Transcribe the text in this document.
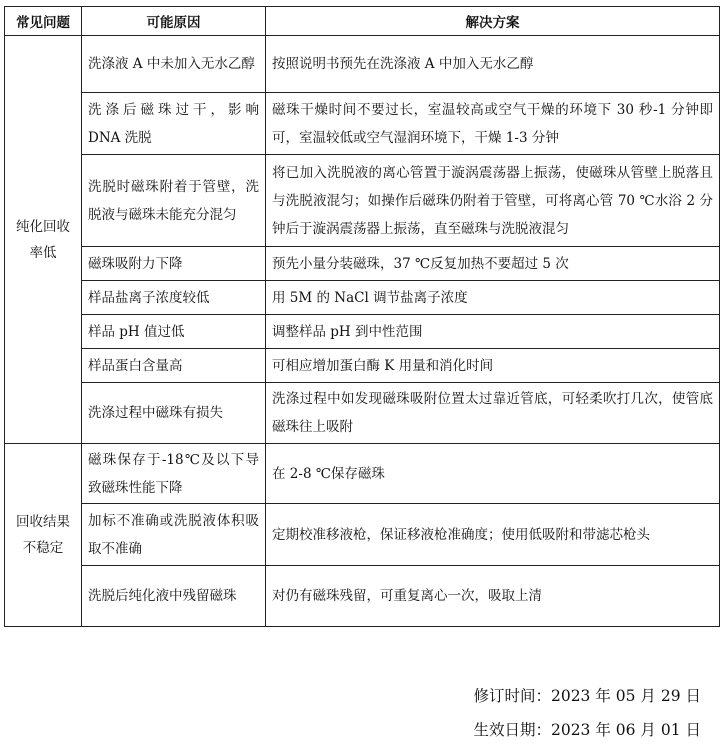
常见问题	可能原因	解决方案
纯化回收率低	洗涤液 A 中未加入无水乙醇	按照说明书预先在洗涤液 A 中加入无水乙醇
	洗涤后磁珠过干，影响 DNA 洗脱	磁珠干燥时间不要过长，室温较高或空气干燥的环境下 30 秒-1 分钟即可，室温较低或空气湿润环境下，干燥 1-3 分钟
	洗脱时磁珠附着于管壁，洗脱液与磁珠未能充分混匀	将已加入洗脱液的离心管置于漩涡震荡器上振荡，使磁珠从管壁上脱落且与洗脱液混匀；如操作后磁珠仍附着于管壁，可将离心管 70 ℃水浴 2 分钟后于漩涡震荡器上振荡，直至磁珠与洗脱液混匀
	磁珠吸附力下降	预先小量分装磁珠，37 ℃反复加热不要超过 5 次
	样品盐离子浓度较低	用 5M 的 NaCl 调节盐离子浓度
	样品 pH 值过低	调整样品 pH 到中性范围
	样品蛋白含量高	可相应增加蛋白酶 K 用量和消化时间
	洗涤过程中磁珠有损失	洗涤过程中如发现磁珠吸附位置太过靠近管底，可轻柔吹打几次，使管底磁珠往上吸附
回收结果不稳定	磁珠保存于-18℃及以下导致磁珠性能下降	在 2-8 ℃保存磁珠
	加标不准确或洗脱液体积吸取不准确	定期校准移液枪，保证移液枪准确度；使用低吸附和带滤芯枪头
	洗脱后纯化液中残留磁珠	对仍有磁珠残留，可重复离心一次，吸取上清
修订时间：2023 年 05 月 29 日
生效日期：2023 年 06 月 01 日
